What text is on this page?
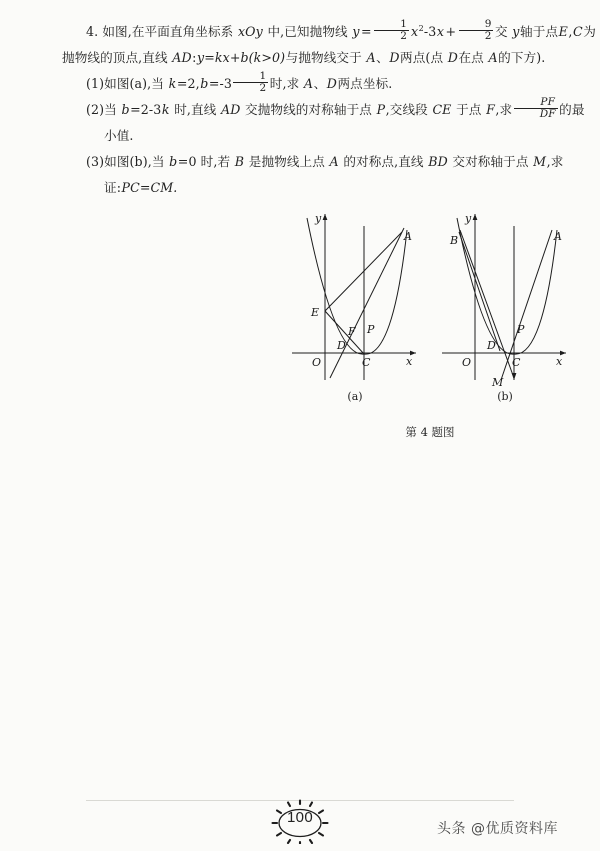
4. 如图,在平面直角坐标系 xOy 中,已知抛物线 $y = \frac{1}{2} x^2-3x + \frac{9}{2}$ 交 y轴于点E,C为
抛物线的顶点,直线 AD:y=kx+b(k>0)与抛物线交于 A、D两点(点 D在点 A的下方).
(1)如图(a),当 $k=2,b=-3 \frac{1}{2}$ 时,求 A、D两点坐标.
(2)当 b=2-3k 时,直线 AD 交抛物线的对称轴于点 P,交线段 CE 于点 F,求 $\frac{PF}{DF}$ 的最
小值.
(3)如图(b),当 b=0 时,若 B 是抛物线上点 A 的对称点,直线 BD 交对称轴于点 M,求
证:PC=CM.
A
E
F P
D
C
O	x
y
(a)
B	A
P
D
C
O
M
x
y
(b)
第 4 题图
100
头条 @优质资料库
